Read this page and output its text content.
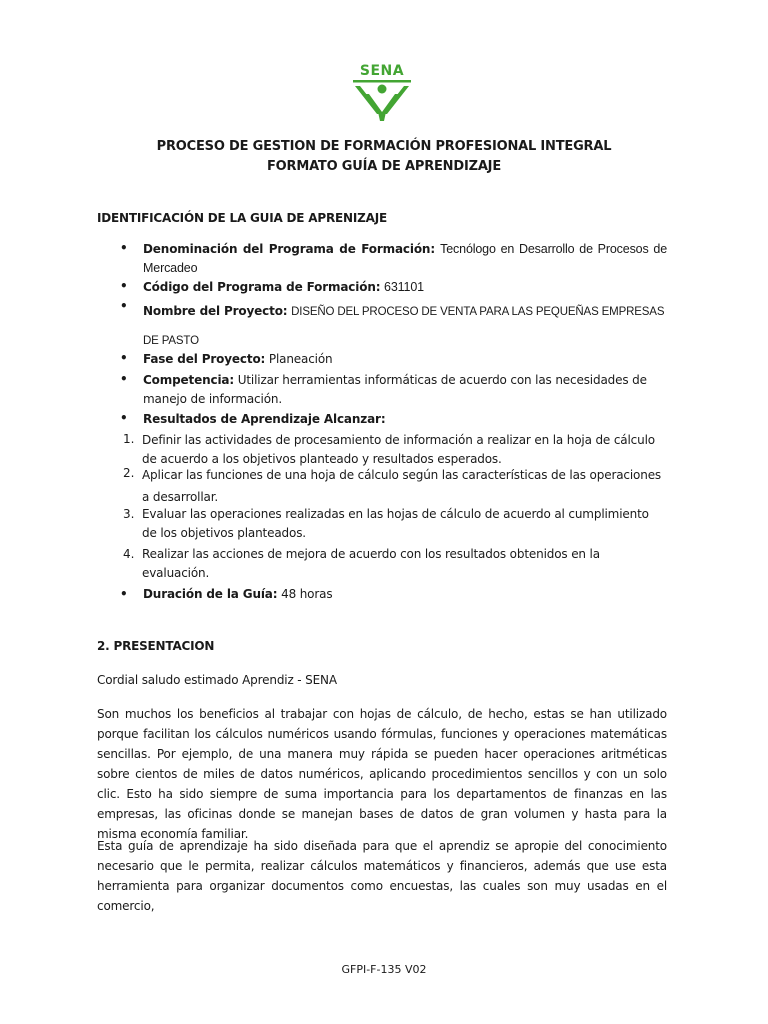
SENA
PROCESO DE GESTION DE FORMACIÓN PROFESIONAL INTEGRAL
FORMATO GUÍA DE APRENDIZAJE
IDENTIFICACIÓN DE LA GUIA DE APRENIZAJE
• Denominación del Programa de Formación: Tecnólogo en Desarrollo de Procesos de Mercadeo
• Código del Programa de Formación: 631101
• Nombre del Proyecto: DISEÑO DEL PROCESO DE VENTA PARA LAS PEQUEÑAS EMPRESAS DE PASTO
• Fase del Proyecto: Planeación
• Competencia: Utilizar herramientas informáticas de acuerdo con las necesidades de manejo de información.
• Resultados de Aprendizaje Alcanzar:
1. Definir las actividades de procesamiento de información a realizar en la hoja de cálculo de acuerdo a los objetivos planteado y resultados esperados.
2. Aplicar las funciones de una hoja de cálculo según las características de las operaciones a desarrollar.
3. Evaluar las operaciones realizadas en las hojas de cálculo de acuerdo al cumplimiento de los objetivos planteados.
4. Realizar las acciones de mejora de acuerdo con los resultados obtenidos en la evaluación.
• Duración de la Guía: 48 horas
2. PRESENTACION
Cordial saludo estimado Aprendiz - SENA
Son muchos los beneficios al trabajar con hojas de cálculo, de hecho, estas se han utilizado porque facilitan los cálculos numéricos usando fórmulas, funciones y operaciones matemáticas sencillas. Por ejemplo, de una manera muy rápida se pueden hacer operaciones aritméticas sobre cientos de miles de datos numéricos, aplicando procedimientos sencillos y con un solo clic. Esto ha sido siempre de suma importancia para los departamentos de finanzas en las empresas, las oficinas donde se manejan bases de datos de gran volumen y hasta para la misma economía familiar.
Esta guía de aprendizaje ha sido diseñada para que el aprendiz se apropie del conocimiento necesario que le permita, realizar cálculos matemáticos y financieros, además que use esta herramienta para organizar documentos como encuestas, las cuales son muy usadas en el comercio,
GFPI-F-135 V02
